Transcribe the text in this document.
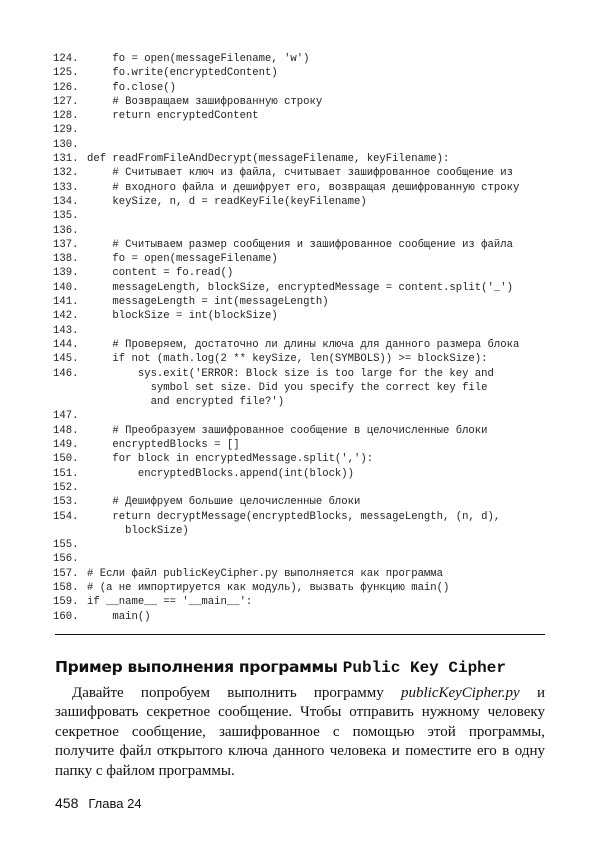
124. fo = open(messageFilename, 'w')
125. fo.write(encryptedContent)
126. fo.close()
127. # Возвращаем зашифрованную строку
128. return encryptedContent
129.
130.
131. def readFromFileAndDecrypt(messageFilename, keyFilename):
132. # Считывает ключ из файла, считывает зашифрованное сообщение из
133. # входного файла и дешифрует его, возвращая дешифрованную строку
134. keySize, n, d = readKeyFile(keyFilename)
135.
136.
137. # Считываем размер сообщения и зашифрованное сообщение из файла
138. fo = open(messageFilename)
139. content = fo.read()
140. messageLength, blockSize, encryptedMessage = content.split('_')
141. messageLength = int(messageLength)
142. blockSize = int(blockSize)
143.
144. # Проверяем, достаточно ли длины ключа для данного размера блока
145. if not (math.log(2 ** keySize, len(SYMBOLS)) >= blockSize):
146. sys.exit('ERROR: Block size is too large for the key and
symbol set size. Did you specify the correct key file
and encrypted file?')
147.
148. # Преобразуем зашифрованное сообщение в целочисленные блоки
149. encryptedBlocks = []
150. for block in encryptedMessage.split(','):
151. encryptedBlocks.append(int(block))
152.
153. # Дешифруем большие целочисленные блоки
154. return decryptMessage(encryptedBlocks, messageLength, (n, d),
blockSize)
155.
156.
157. # Если файл publicKeyCipher.py выполняется как программа
158. # (а не импортируется как модуль), вызвать функцию main()
159. if __name__ == '__main__':
160. main()
Пример выполнения программы Public Key Cipher
Давайте попробуем выполнить программу publicKeyCipher.py и зашифровать секретное сообщение. Чтобы отправить нужному человеку секретное сообщение, зашифрованное с помощью этой программы, получите файл открытого ключа данного человека и поместите его в одну папку с файлом программы.
458 Глава 24
